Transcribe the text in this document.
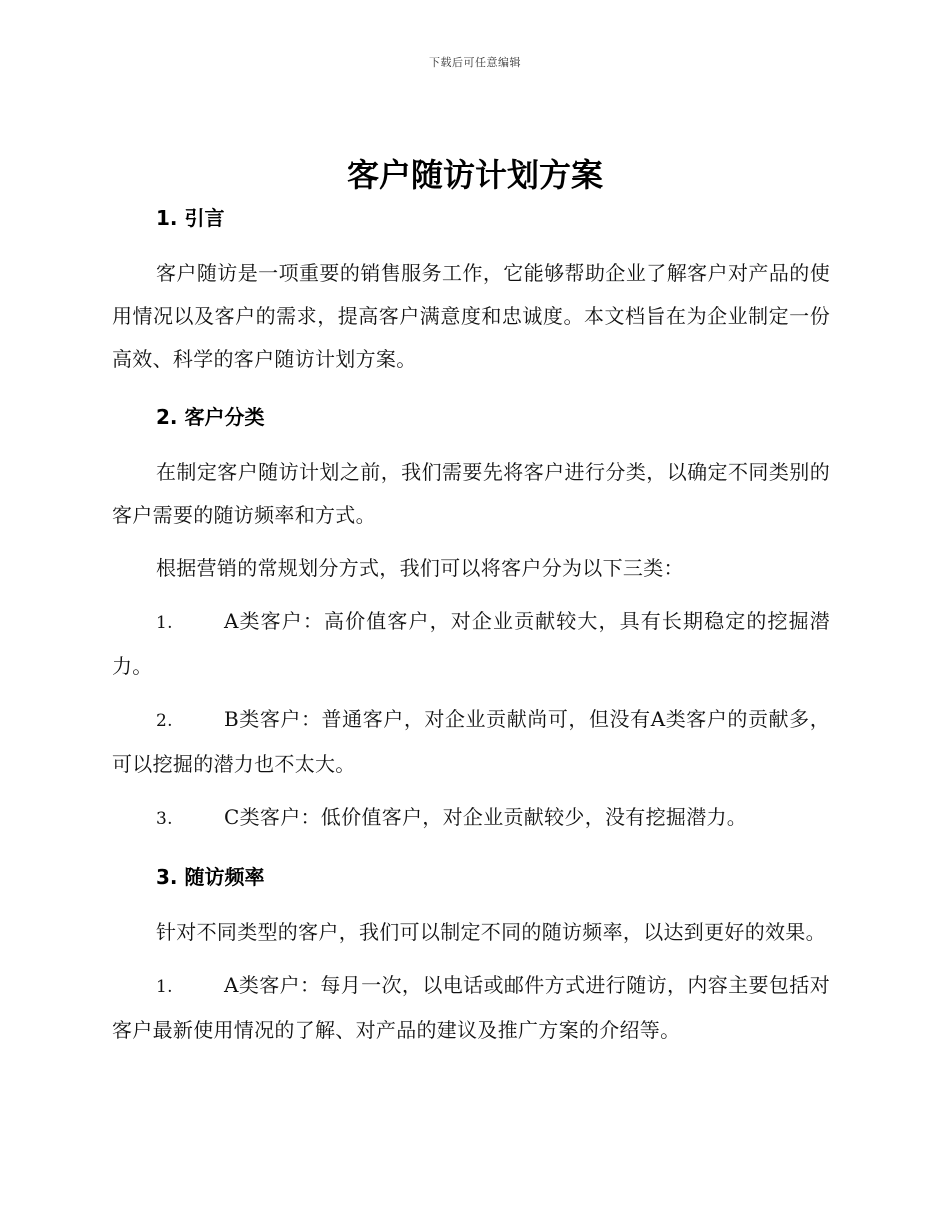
下载后可任意编辑
客户随访计划方案

1. 引言

客户随访是一项重要的销售服务工作，它能够帮助企业了解客户对产品的使用情况以及客户的需求，提高客户满意度和忠诚度。本文档旨在为企业制定一份高效、科学的客户随访计划方案。

2. 客户分类

在制定客户随访计划之前，我们需要先将客户进行分类，以确定不同类别的客户需要的随访频率和方式。

根据营销的常规划分方式，我们可以将客户分为以下三类：

1.	A类客户：高价值客户，对企业贡献较大，具有长期稳定的挖掘潜力。

2.	B类客户：普通客户，对企业贡献尚可，但没有A类客户的贡献多，可以挖掘的潜力也不太大。

3.	C类客户：低价值客户，对企业贡献较少，没有挖掘潜力。

3. 随访频率

针对不同类型的客户，我们可以制定不同的随访频率，以达到更好的效果。

1.	A类客户：每月一次，以电话或邮件方式进行随访，内容主要包括对客户最新使用情况的了解、对产品的建议及推广方案的介绍等。
